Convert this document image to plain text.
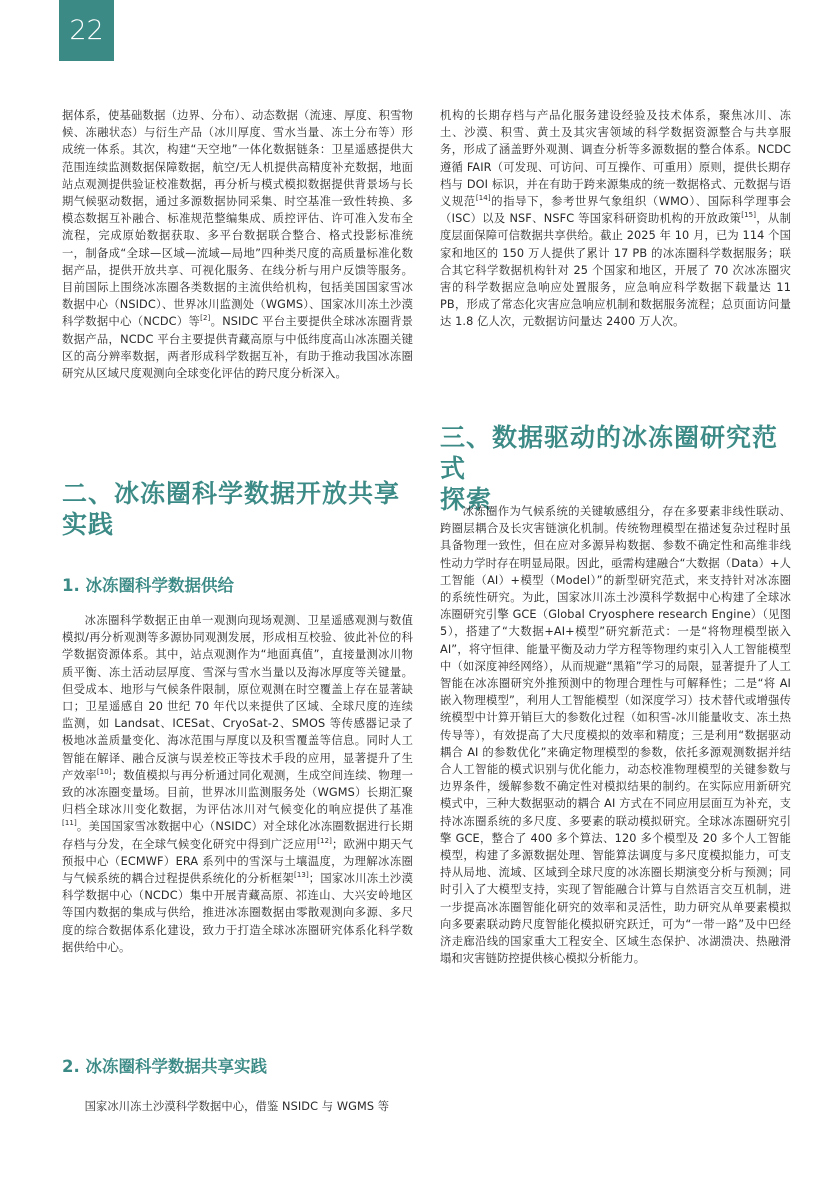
22

据体系，使基础数据（边界、分布）、动态数据（流速、厚度、积雪物候、冻融状态）与衍生产品（冰川厚度、雪水当量、冻土分布等）形成统一体系。其次，构建“天空地”一体化数据链条：卫星遥感提供大范围连续监测数据保障数据，航空/无人机提供高精度补充数据，地面站点观测提供验证校准数据，再分析与模式模拟数据提供背景场与长期气候驱动数据，通过多源数据协同采集、时空基准一致性转换、多模态数据互补融合、标准规范整编集成、质控评估、许可准入发布全流程，完成原始数据获取、多平台数据联合整合、格式投影标准统一，制备成“全球—区域—流域—局地”四种类尺度的高质量标准化数据产品，提供开放共享、可视化服务、在线分析与用户反馈等服务。目前国际上围绕冰冻圈各类数据的主流供给机构，包括美国国家雪冰数据中心（NSIDC）、世界冰川监测处（WGMS）、国家冰川冻土沙漠科学数据中心（NCDC）等[2]。NSIDC 平台主要提供全球冰冻圈背景数据产品，NCDC 平台主要提供青藏高原与中低纬度高山冰冻圈关键区的高分辨率数据，两者形成科学数据互补，有助于推动我国冰冻圈研究从区域尺度观测向全球变化评估的跨尺度分析深入。

二、冰冻圈科学数据开放共享
实践
1. 冰冻圈科学数据供给

冰冻圈科学数据正由单一观测向现场观测、卫星遥感观测与数值模拟/再分析观测等多源协同观测发展，形成相互校验、彼此补位的科学数据资源体系。其中，站点观测作为“地面真值”，直接量测冰川物质平衡、冻土活动层厚度、雪深与雪水当量以及海冰厚度等关键量。但受成本、地形与气候条件限制，原位观测在时空覆盖上存在显著缺口；卫星遥感自 20 世纪 70 年代以来提供了区域、全球尺度的连续监测，如 Landsat、ICESat、CryoSat-2、SMOS 等传感器记录了极地冰盖质量变化、海冰范围与厚度以及积雪覆盖等信息。同时人工智能在解译、融合反演与误差校正等技术手段的应用，显著提升了生产效率[10]；数值模拟与再分析通过同化观测，生成空间连续、物理一致的冰冻圈变量场。目前，世界冰川监测服务处（WGMS）长期汇聚归档全球冰川变化数据，为评估冰川对气候变化的响应提供了基准[11]。美国国家雪冰数据中心（NSIDC）对全球化冰冻圈数据进行长期存档与分发，在全球气候变化研究中得到广泛应用[12]；欧洲中期天气预报中心（ECMWF）ERA 系列中的雪深与土壤温度，为理解冰冻圈与气候系统的耦合过程提供系统化的分析框架[13]；国家冰川冻土沙漠科学数据中心（NCDC）集中开展青藏高原、祁连山、大兴安岭地区等国内数据的集成与供给，推进冰冻圈数据由零散观测向多源、多尺度的综合数据体系化建设，致力于打造全球冰冻圈研究体系化科学数据供给中心。

2. 冰冻圈科学数据共享实践

国家冰川冻土沙漠科学数据中心，借鉴 NSIDC 与 WGMS 等

机构的长期存档与产品化服务建设经验及技术体系，聚焦冰川、冻土、沙漠、积雪、黄土及其灾害领域的科学数据资源整合与共享服务，形成了涵盖野外观测、调查分析等多源数据的整合体系。NCDC 遵循 FAIR（可发现、可访问、可互操作、可重用）原则，提供长期存档与 DOI 标识，并在有助于跨来源集成的统一数据格式、元数据与语义规范[14]的指导下，参考世界气象组织（WMO）、国际科学理事会（ISC）以及 NSF、NSFC 等国家科研资助机构的开放政策[15]，从制度层面保障可信数据共享供给。截止 2025 年 10 月，已为 114 个国家和地区的 150 万人提供了累计 17 PB 的冰冻圈科学数据服务；联合其它科学数据机构针对 25 个国家和地区，开展了 70 次冰冻圈灾害的科学数据应急响应处置服务，应急响应科学数据下载量达 11 PB，形成了常态化灾害应急响应机制和数据服务流程；总页面访问量达 1.8 亿人次，元数据访问量达 2400 万人次。

三、数据驱动的冰冻圈研究范式
探索

冰冻圈作为气候系统的关键敏感组分，存在多要素非线性联动、跨圈层耦合及长灾害链演化机制。传统物理模型在描述复杂过程时虽具备物理一致性，但在应对多源异构数据、参数不确定性和高维非线性动力学时存在明显局限。因此，亟需构建融合“大数据（Data）+人工智能（AI）+模型（Model）”的新型研究范式，来支持针对冰冻圈的系统性研究。为此，国家冰川冻土沙漠科学数据中心构建了全球冰冻圈研究引擎 GCE（Global Cryosphere research Engine）（见图 5），搭建了“大数据+AI+模型”研究新范式：一是“将物理模型嵌入 AI”，将守恒律、能量平衡及动力学方程等物理约束引入人工智能模型中（如深度神经网络），从而规避“黑箱”学习的局限，显著提升了人工智能在冰冻圈研究外推预测中的物理合理性与可解释性；二是“将 AI 嵌入物理模型”，利用人工智能模型（如深度学习）技术替代或增强传统模型中计算开销巨大的参数化过程（如积雪-冰川能量收支、冻土热传导等），有效提高了大尺度模拟的效率和精度；三是利用“数据驱动耦合 AI 的参数优化”来确定物理模型的参数，依托多源观测数据并结合人工智能的模式识别与优化能力，动态校准物理模型的关键参数与边界条件，缓解参数不确定性对模拟结果的制约。在实际应用新研究模式中，三种大数据驱动的耦合 AI 方式在不同应用层面互为补充，支持冰冻圈系统的多尺度、多要素的联动模拟研究。全球冰冻圈研究引擎 GCE，整合了 400 多个算法、120 多个模型及 20 多个人工智能模型，构建了多源数据处理、智能算法调度与多尺度模拟能力，可支持从局地、流域、区域到全球尺度的冰冻圈长期演变分析与预测；同时引入了大模型支持，实现了智能融合计算与自然语言交互机制，进一步提高冰冻圈智能化研究的效率和灵活性，助力研究从单要素模拟向多要素联动跨尺度智能化模拟研究跃迁，可为“一带一路”及中巴经济走廊沿线的国家重大工程安全、区域生态保护、冰湖溃决、热融滑塌和灾害链防控提供核心模拟分析能力。
